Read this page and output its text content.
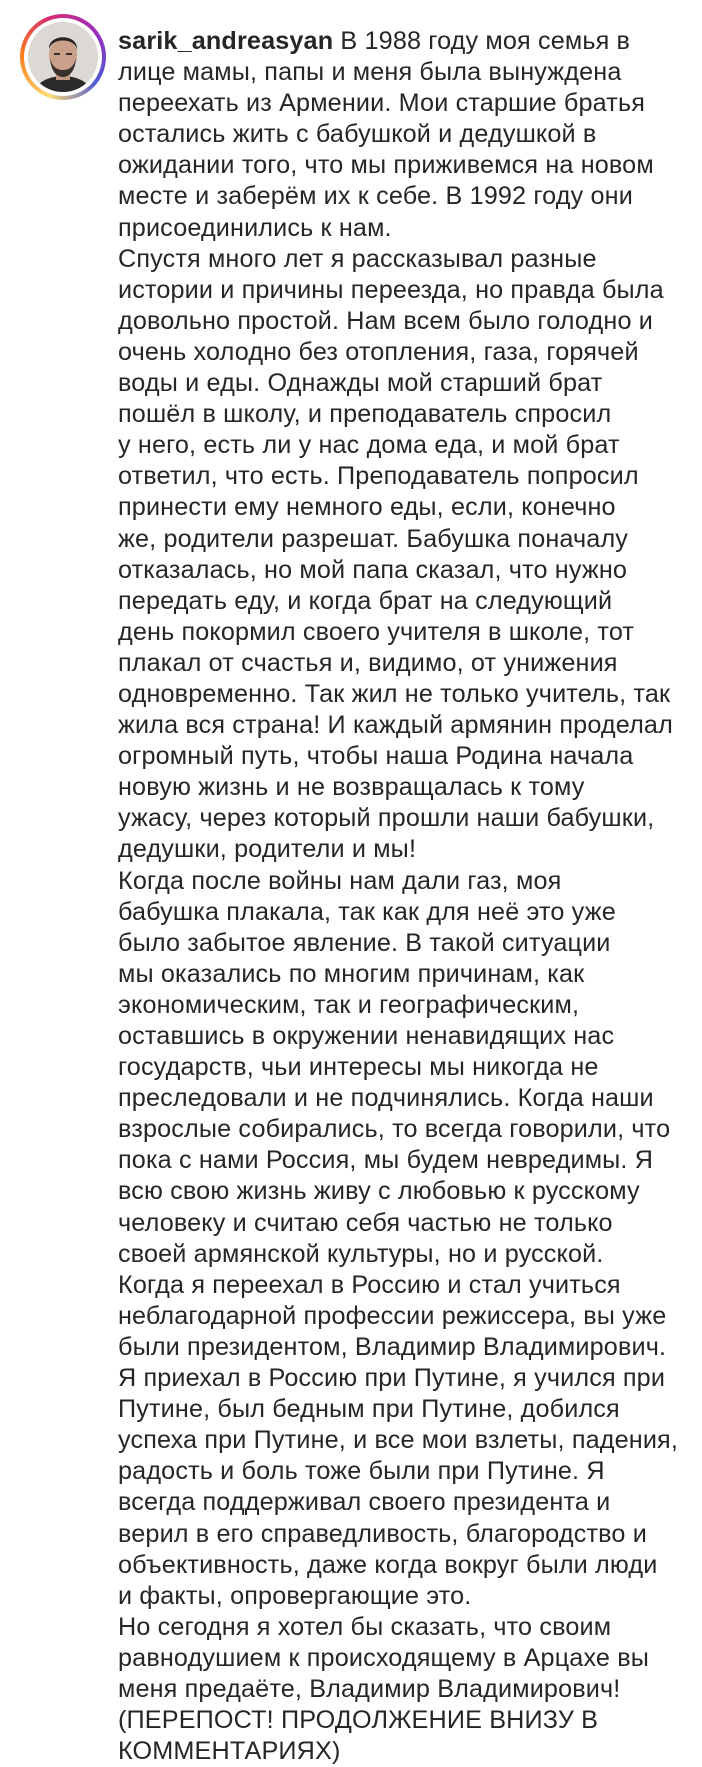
sarik_andreasyan В 1988 году моя семья в
лице мамы, папы и меня была вынуждена
переехать из Армении. Мои старшие братья
остались жить с бабушкой и дедушкой в
ожидании того, что мы приживемся на новом
месте и заберём их к себе. В 1992 году они
присоединились к нам.
Спустя много лет я рассказывал разные
истории и причины переезда, но правда была
довольно простой. Нам всем было голодно и
очень холодно без отопления, газа, горячей
воды и еды. Однажды мой старший брат
пошёл в школу, и преподаватель спросил
у него, есть ли у нас дома еда, и мой брат
ответил, что есть. Преподаватель попросил
принести ему немного еды, если, конечно
же, родители разрешат. Бабушка поначалу
отказалась, но мой папа сказал, что нужно
передать еду, и когда брат на следующий
день покормил своего учителя в школе, тот
плакал от счастья и, видимо, от унижения
одновременно. Так жил не только учитель, так
жила вся страна! И каждый армянин проделал
огромный путь, чтобы наша Родина начала
новую жизнь и не возвращалась к тому
ужасу, через который прошли наши бабушки,
дедушки, родители и мы!
Когда после войны нам дали газ, моя
бабушка плакала, так как для неё это уже
было забытое явление. В такой ситуации
мы оказались по многим причинам, как
экономическим, так и географическим,
оставшись в окружении ненавидящих нас
государств, чьи интересы мы никогда не
преследовали и не подчинялись. Когда наши
взрослые собирались, то всегда говорили, что
пока с нами Россия, мы будем невредимы. Я
всю свою жизнь живу с любовью к русскому
человеку и считаю себя частью не только
своей армянской культуры, но и русской.
Когда я переехал в Россию и стал учиться
неблагодарной профессии режиссера, вы уже
были президентом, Владимир Владимирович.
Я приехал в Россию при Путине, я учился при
Путине, был бедным при Путине, добился
успеха при Путине, и все мои взлеты, падения,
радость и боль тоже были при Путине. Я
всегда поддерживал своего президента и
верил в его справедливость, благородство и
объективность, даже когда вокруг были люди
и факты, опровергающие это.
Но сегодня я хотел бы сказать, что своим
равнодушием к происходящему в Арцахе вы
меня предаёте, Владимир Владимирович!
(ПЕРЕПОСТ! ПРОДОЛЖЕНИЕ ВНИЗУ В
КОММЕНТАРИЯХ)
